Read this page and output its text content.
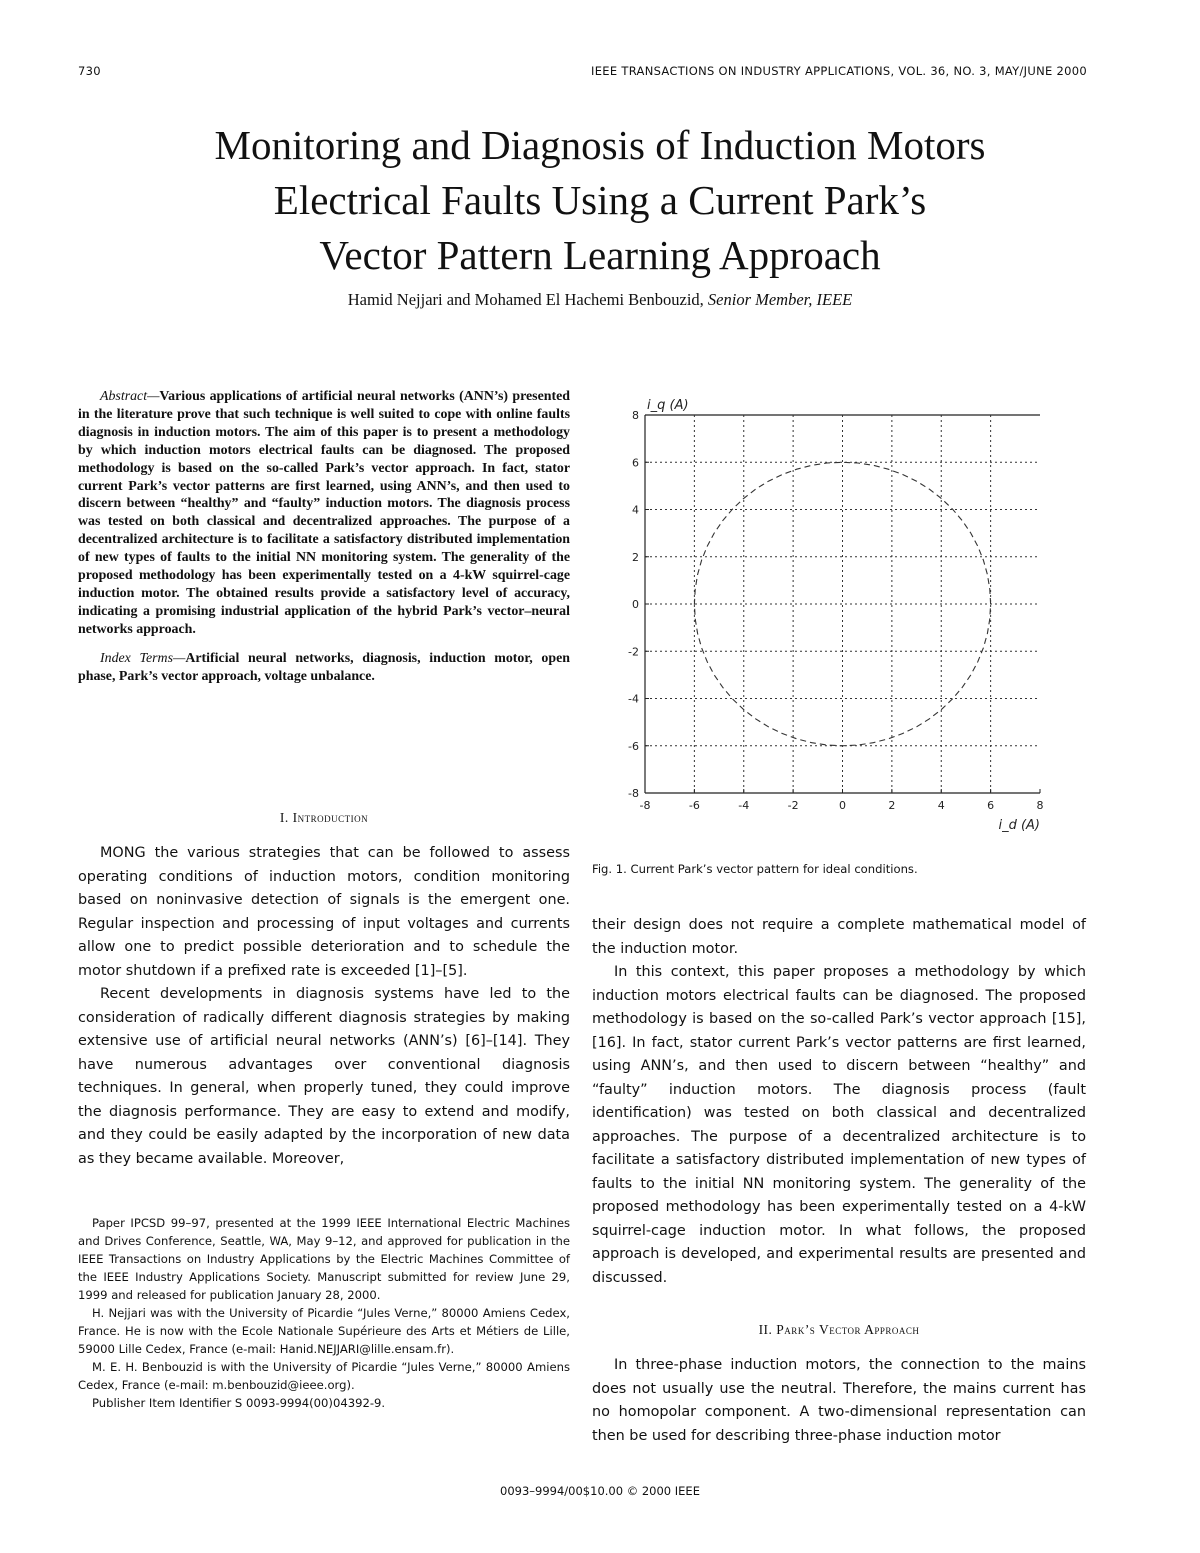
730	IEEE TRANSACTIONS ON INDUSTRY APPLICATIONS, VOL. 36, NO. 3, MAY/JUNE 2000
Monitoring and Diagnosis of Induction Motors
Electrical Faults Using a Current Park’s
Vector Pattern Learning Approach
Hamid Nejjari and Mohamed El Hachemi Benbouzid, Senior Member, IEEE

Abstract—Various applications of artificial neural networks (ANN’s) presented in the literature prove that such technique is well suited to cope with online faults diagnosis in induction motors. The aim of this paper is to present a methodology by which induction motors electrical faults can be diagnosed. The proposed methodology is based on the so-called Park’s vector approach. In fact, stator current Park’s vector patterns are first learned, using ANN’s, and then used to discern between “healthy” and “faulty” induction motors. The diagnosis process was tested on both classical and decentralized approaches. The purpose of a decentralized architecture is to facilitate a satisfactory distributed implementation of new types of faults to the initial NN monitoring system. The generality of the proposed methodology has been experimentally tested on a 4-kW squirrel-cage induction motor. The obtained results provide a satisfactory level of accuracy, indicating a promising industrial application of the hybrid Park’s vector–neural networks approach.

Index Terms—Artificial neural networks, diagnosis, induction motor, open phase, Park’s vector approach, voltage unbalance.

I. Introduction

MONG the various strategies that can be followed to assess operating conditions of induction motors, condition monitoring based on noninvasive detection of signals is the emergent one. Regular inspection and processing of input voltages and currents allow one to predict possible deterioration and to schedule the motor shutdown if a prefixed rate is exceeded [1]–[5].

Recent developments in diagnosis systems have led to the consideration of radically different diagnosis strategies by making extensive use of artificial neural networks (ANN’s) [6]–[14]. They have numerous advantages over conventional diagnosis techniques. In general, when properly tuned, they could improve the diagnosis performance. They are easy to extend and modify, and they could be easily adapted by the incorporation of new data as they became available. Moreover,

Paper IPCSD 99–97, presented at the 1999 IEEE International Electric Machines and Drives Conference, Seattle, WA, May 9–12, and approved for publication in the IEEE Transactions on Industry Applications by the Electric Machines Committee of the IEEE Industry Applications Society. Manuscript submitted for review June 29, 1999 and released for publication January 28, 2000.

H. Nejjari was with the University of Picardie “Jules Verne,” 80000 Amiens Cedex, France. He is now with the Ecole Nationale Supérieure des Arts et Métiers de Lille, 59000 Lille Cedex, France (e-mail: Hanid.NEJJARI@lille.ensam.fr).

M. E. H. Benbouzid is with the University of Picardie “Jules Verne,” 80000 Amiens Cedex, France (e-mail: m.benbouzid@ieee.org).

Publisher Item Identifier S 0093-9994(00)04392-9.

-8	-6	-4	-2	0	2	4	6	8
8
6
4
2
0
-2
-4
-6
-8
i_q (A)
i_d (A)
Fig. 1. Current Park’s vector pattern for ideal conditions.

their design does not require a complete mathematical model of the induction motor.

In this context, this paper proposes a methodology by which induction motors electrical faults can be diagnosed. The proposed methodology is based on the so-called Park’s vector approach [15], [16]. In fact, stator current Park’s vector patterns are first learned, using ANN’s, and then used to discern between “healthy” and “faulty” induction motors. The diagnosis process (fault identification) was tested on both classical and decentralized approaches. The purpose of a decentralized architecture is to facilitate a satisfactory distributed implementation of new types of faults to the initial NN monitoring system. The generality of the proposed methodology has been experimentally tested on a 4-kW squirrel-cage induction motor. In what follows, the proposed approach is developed, and experimental results are presented and discussed.

II. Park’s Vector Approach

In three-phase induction motors, the connection to the mains does not usually use the neutral. Therefore, the mains current has no homopolar component. A two-dimensional representation can then be used for describing three-phase induction motor

0093–9994/00$10.00 © 2000 IEEE
